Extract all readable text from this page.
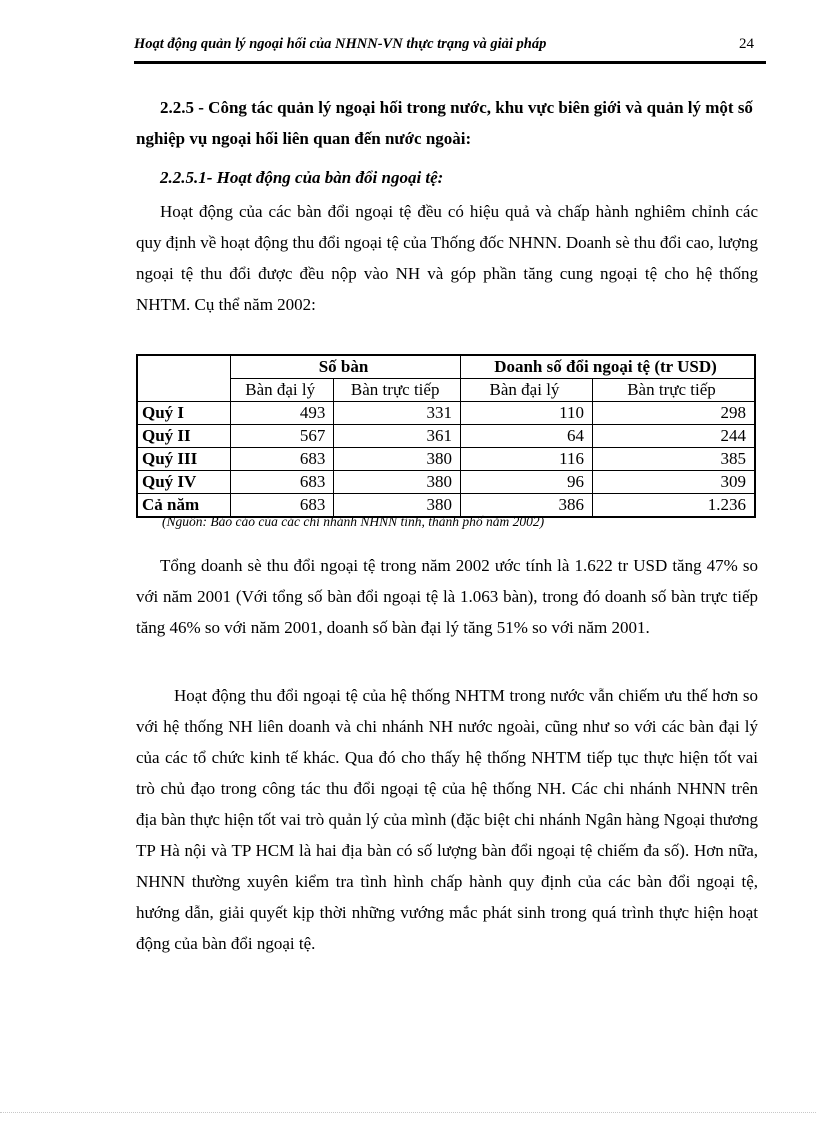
Hoạt động quản lý ngoại hối của NHNN-VN thực trạng và giải pháp	24
2.2.5 - Công tác quản lý ngoại hối trong nước, khu vực biên giới và quản lý một số nghiệp vụ ngoại hối liên quan đến nước ngoài:
2.2.5.1- Hoạt động của bàn đổi ngoại tệ:
Hoạt động của các bàn đổi ngoại tệ đều có hiệu quả và chấp hành nghiêm chỉnh các quy định về hoạt động thu đổi ngoại tệ của Thống đốc NHNN. Doanh sè thu đổi cao, lượng ngoại tệ thu đổi được đều nộp vào NH và góp phần tăng cung ngoại tệ cho hệ thống NHTM. Cụ thể năm 2002:
	Số bàn		Doanh số đổi ngoại tệ (tr USD)	
	Bàn đại lý	Bàn trực tiếp	Bàn đại lý	Bàn trực tiếp
Quý I	493	331	110	298
Quý II	567	361	64	244
Quý III	683	380	116	385
Quý IV	683	380	96	309
Cả năm	683	380	386	1.236
(Nguồn: Báo cáo của các chi nhánh NHNN tỉnh, thành phố năm 2002)
Tổng doanh sè thu đổi ngoại tệ trong năm 2002 ước tính là 1.622 tr USD tăng 47% so với năm 2001 (Với tổng số bàn đổi ngoại tệ là 1.063 bàn), trong đó doanh số bàn trực tiếp tăng 46% so với năm 2001, doanh số bàn đại lý tăng 51% so với năm 2001.
Hoạt động thu đổi ngoại tệ của hệ thống NHTM trong nước vẫn chiếm ưu thế hơn so với hệ thống NH liên doanh và chi nhánh NH nước ngoài, cũng như so với các bàn đại lý của các tổ chức kinh tế khác. Qua đó cho thấy hệ thống NHTM tiếp tục thực hiện tốt vai trò chủ đạo trong công tác thu đổi ngoại tệ của hệ thống NH. Các chi nhánh NHNN trên địa bàn thực hiện tốt vai trò quản lý của mình (đặc biệt chi nhánh Ngân hàng Ngoại thương TP Hà nội và TP HCM là hai địa bàn có số lượng bàn đổi ngoại tệ chiếm đa số). Hơn nữa, NHNN thường xuyên kiểm tra tình hình chấp hành quy định của các bàn đổi ngoại tệ, hướng dẫn, giải quyết kịp thời những vướng mắc phát sinh trong quá trình thực hiện hoạt động của bàn đổi ngoại tệ.
